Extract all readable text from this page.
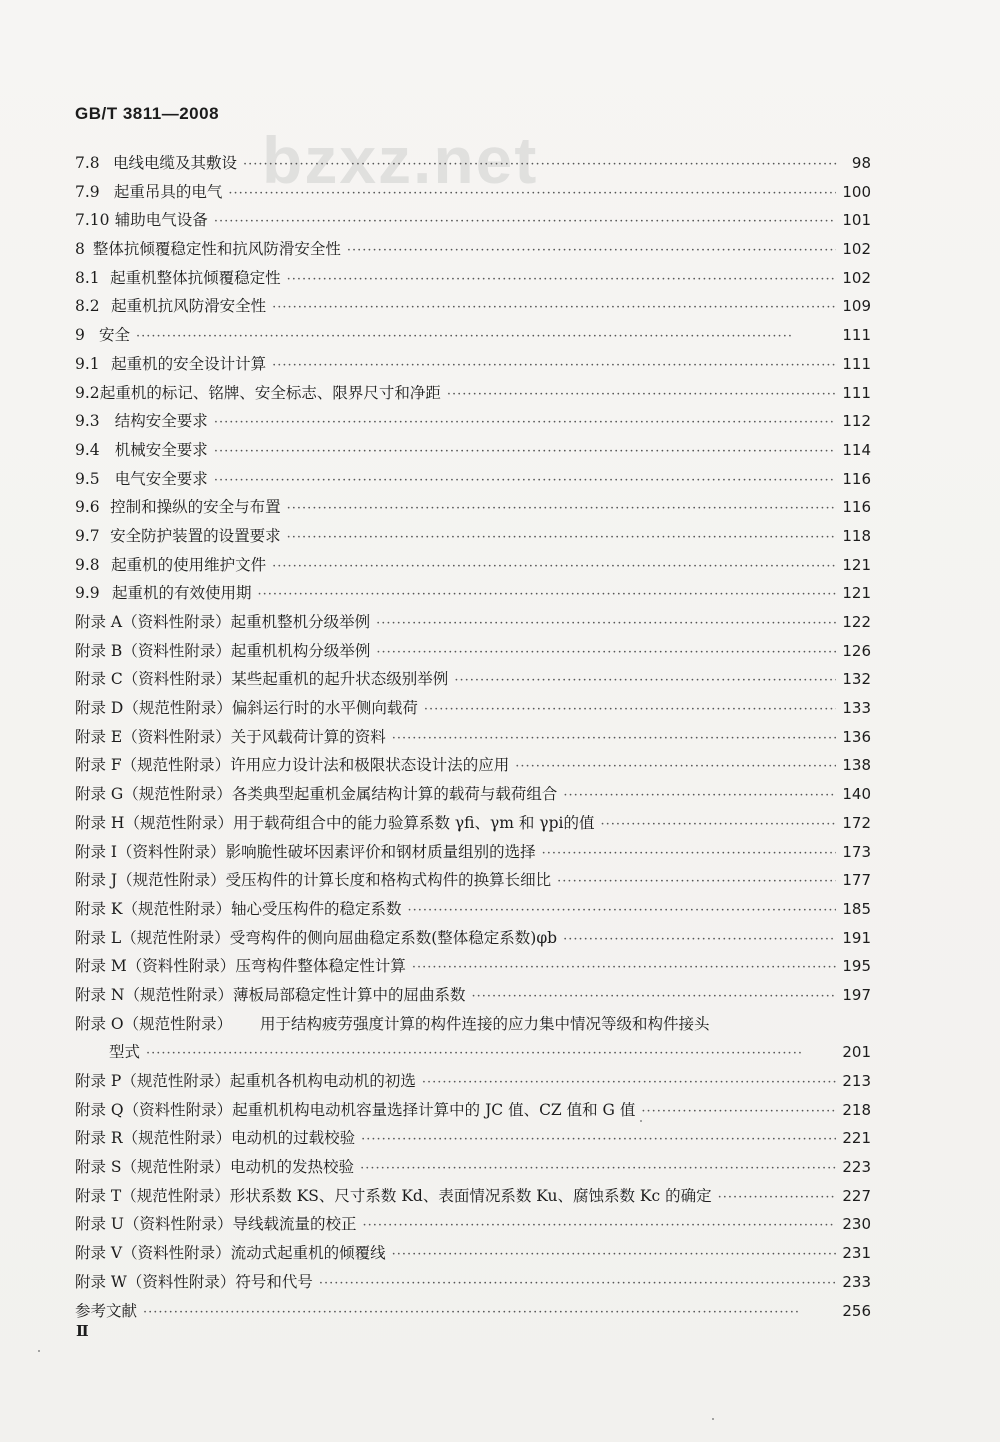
bzxz.net
GB/T 3811—2008
7.8 电线电缆及其敷设 ·····	98
7.9 起重吊具的电气 ·····	100
7.10 辅助电气设备 ·····	101
8 整体抗倾覆稳定性和抗风防滑安全性 ·····	102
8.1 起重机整体抗倾覆稳定性 ·····	102
8.2 起重机抗风防滑安全性 ·····	109
9 安全 ·····	111
9.1 起重机的安全设计计算 ·····	111
9.2 起重机的标记、铭牌、安全标志、限界尺寸和净距 ·····	111
9.3 结构安全要求 ·····	112
9.4 机械安全要求 ·····	114
9.5 电气安全要求 ·····	116
9.6 控制和操纵的安全与布置 ·····	116
9.7 安全防护装置的设置要求 ·····	118
9.8 起重机的使用维护文件 ·····	121
9.9 起重机的有效使用期 ·····	121
附录 A（资料性附录） 起重机整机分级举例 ·····	122
附录 B（资料性附录） 起重机机构分级举例 ·····	126
附录 C（资料性附录） 某些起重机的起升状态级别举例 ·····	132
附录 D（规范性附录） 偏斜运行时的水平侧向载荷 ·····	133
附录 E（资料性附录） 关于风载荷计算的资料 ·····	136
附录 F（规范性附录） 许用应力设计法和极限状态设计法的应用 ·····	138
附录 G（规范性附录） 各类典型起重机金属结构计算的载荷与载荷组合 ·····	140
附录 H（规范性附录） 用于载荷组合中的能力验算系数 γfi、γm 和 γpi的值 ·····	172
附录 I（资料性附录） 影响脆性破坏因素评价和钢材质量组别的选择 ·····	173
附录 J（规范性附录） 受压构件的计算长度和格构式构件的换算长细比 ·····	177
附录 K（规范性附录） 轴心受压构件的稳定系数 ·····	185
附录 L（规范性附录） 受弯构件的侧向屈曲稳定系数(整体稳定系数)φb ·····	191
附录 M（资料性附录） 压弯构件整体稳定性计算 ·····	195
附录 N（规范性附录） 薄板局部稳定性计算中的屈曲系数 ·····	197
附录 O（规范性附录）	用于结构疲劳强度计算的构件连接的应力集中情况等级和构件接头
型式 ·····	201
附录 P（规范性附录） 起重机各机构电动机的初选 ·····	213
附录 Q（资料性附录） 起重机机构电动机容量选择计算中的 JC 值、CZ 值和 G 值 ·····	218
附录 R（规范性附录） 电动机的过载校验 ·····	221
附录 S（规范性附录） 电动机的发热校验 ·····	223
附录 T（规范性附录） 形状系数 KS、尺寸系数 Kd、表面情况系数 Ku、腐蚀系数 Kc 的确定 ·····	227
附录 U（资料性附录） 导线载流量的校正 ·····	230
附录 V（资料性附录） 流动式起重机的倾覆线 ·····	231
附录 W（资料性附录） 符号和代号 ·····	233
参考文献 ·····	256
Ⅱ
